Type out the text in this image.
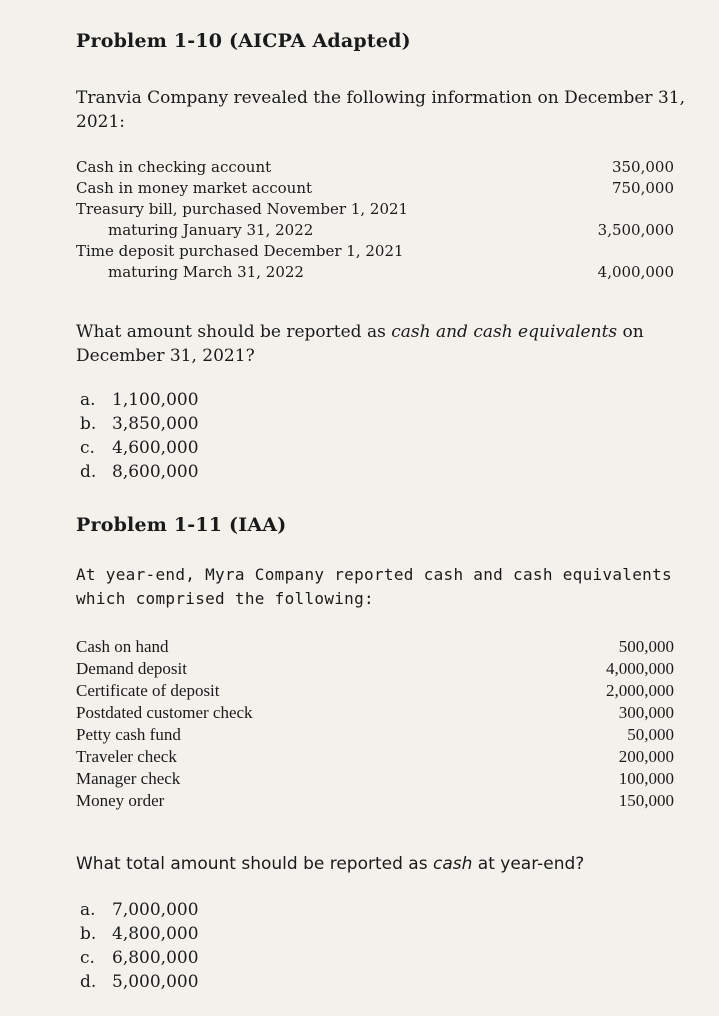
Problem 1-10 (AICPA Adapted)
Tranvia Company revealed the following information on December 31, 2021:
Cash in checking account	350,000
Cash in money market account	750,000
Treasury bill, purchased November 1, 2021
maturing January 31, 2022	3,500,000
Time deposit purchased December 1, 2021
maturing March 31, 2022	4,000,000
What amount should be reported as cash and cash equivalents on December 31, 2021?
a. 1,100,000
b. 3,850,000
c. 4,600,000
d. 8,600,000
Problem 1-11 (IAA)
At year-end, Myra Company reported cash and cash equivalents which comprised the following:
Cash on hand	500,000
Demand deposit	4,000,000
Certificate of deposit	2,000,000
Postdated customer check	300,000
Petty cash fund	50,000
Traveler check	200,000
Manager check	100,000
Money order	150,000
What total amount should be reported as cash at year-end?
a. 7,000,000
b. 4,800,000
c. 6,800,000
d. 5,000,000
